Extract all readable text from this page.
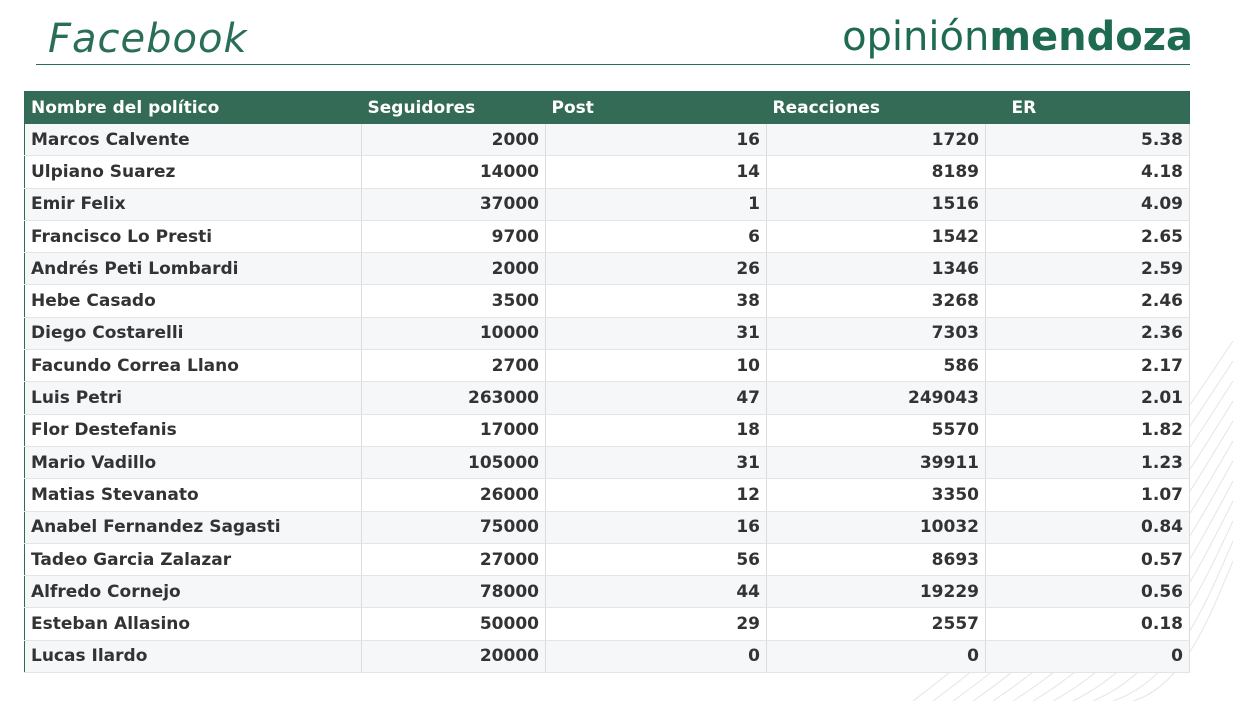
Facebook	opiniónmendoza
Nombre del político	Seguidores	Post	Reacciones	ER
Marcos Calvente	2000	16	1720	5.38
Ulpiano Suarez	14000	14	8189	4.18
Emir Felix	37000	1	1516	4.09
Francisco Lo Presti	9700	6	1542	2.65
Andrés Peti Lombardi	2000	26	1346	2.59
Hebe Casado	3500	38	3268	2.46
Diego Costarelli	10000	31	7303	2.36
Facundo Correa Llano	2700	10	586	2.17
Luis Petri	263000	47	249043	2.01
Flor Destefanis	17000	18	5570	1.82
Mario Vadillo	105000	31	39911	1.23
Matias Stevanato	26000	12	3350	1.07
Anabel Fernandez Sagasti	75000	16	10032	0.84
Tadeo Garcia Zalazar	27000	56	8693	0.57
Alfredo Cornejo	78000	44	19229	0.56
Esteban Allasino	50000	29	2557	0.18
Lucas Ilardo	20000	0	0	0
